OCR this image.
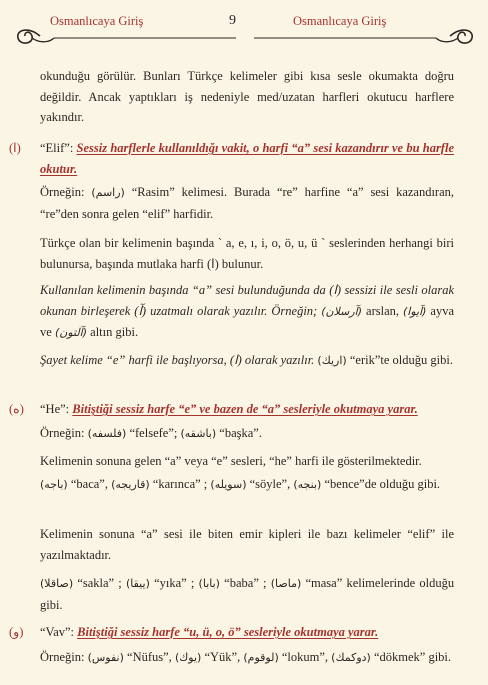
Osmanlıcaya Giriş	9	Osmanlıcaya Giriş

okunduğu görülür. Bunları Türkçe kelimeler gibi kısa sesle okumakta doğru değildir. Ancak yaptıkları iş nedeniyle med/uzatan harfleri okutucu harflere yakındır.

(ا) “Elif”: Sessiz harflerle kullanıldığı vakit, o harfi “a” sesi kazandırır ve bu harfle okutur.

Örneğin: (راسم) “Rasim” kelimesi. Burada “re” harfine “a” sesi kazandıran, “re”den sonra gelen “elif” harfidir.

Türkçe olan bir kelimenin başında ` a, e, ı, i, o, ö, u, ü ` seslerinden herhangi biri bulunursa, başında mutlaka harfi (ا) bulunur.

Kullanılan kelimenin başında “a” sesi bulunduğunda da (ا) sessizi ile sesli olarak okunan birleşerek (آ) uzatmalı olarak yazılır. Örneğin; (آرسلان) arslan, (آيوا) ayva ve (آلتون) altın gibi.

Şayet kelime “e” harfi ile başlıyorsa, (ا) olarak yazılır. (اریك) “erik”te olduğu gibi.

(ه) “He”: Bitiştiği sessiz harfe “e” ve bazen de “a” sesleriyle okutmaya yarar.

Örneğin: (فلسفه) “felsefe”; (باشقه) “başka”.

Kelimenin sonuna gelen “a” veya “e” sesleri, “he” harfi ile gösterilmektedir.

(باجه) “baca”, (قاریجه) “karınca” ; (سویله) “söyle”, (بنجه) “bence”de olduğu gibi.

Kelimenin sonuna “a” sesi ile biten emir kipleri ile bazı kelimeler “elif” ile yazılmaktadır.

(صاقلا) “sakla” ; (ییقا) “yıka” ; (بابا) “baba” ; (ماصا) “masa” kelimelerinde olduğu gibi.

(و) “Vav”: Bitiştiği sessiz harfe “u, ü, o, ö” sesleriyle okutmaya yarar.

Örneğin: (نفوس) “Nüfus”, (يوك) “Yük”, (لوقوم) “lokum”, (دوكمك) “dökmek” gibi.
